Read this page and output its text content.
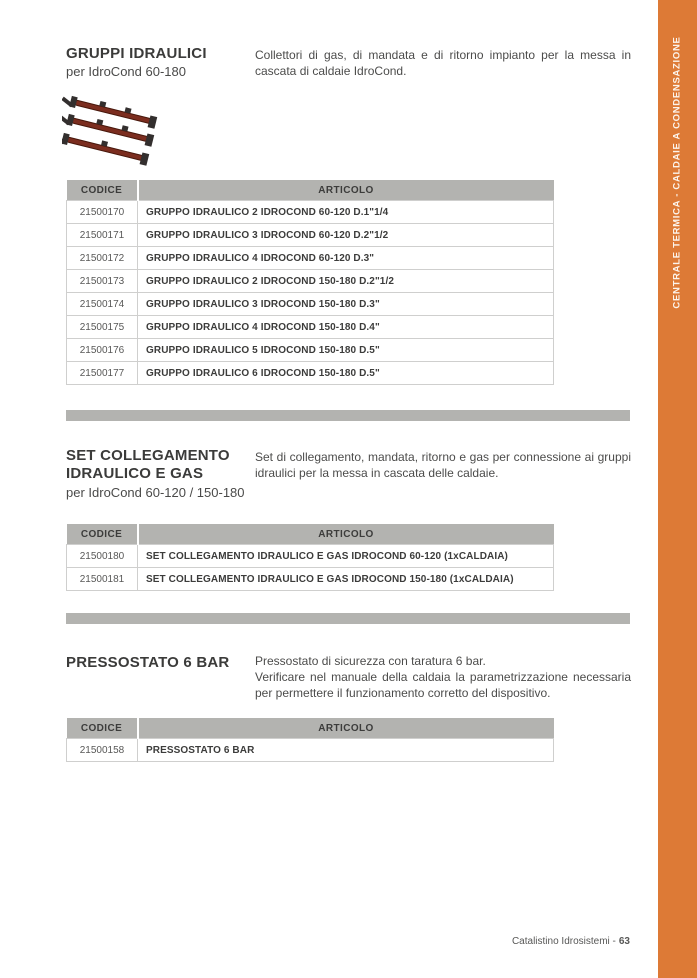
GRUPPI IDRAULICI
per IdroCond 60-180

Collettori di gas, di mandata e di ritorno impianto per la messa in cascata di caldaie IdroCond.

CODICE	ARTICOLO
21500170	GRUPPO IDRAULICO 2 IDROCOND 60-120 D.1"1/4
21500171	GRUPPO IDRAULICO 3 IDROCOND 60-120 D.2"1/2
21500172	GRUPPO IDRAULICO 4 IDROCOND 60-120 D.3"
21500173	GRUPPO IDRAULICO 2 IDROCOND 150-180 D.2"1/2
21500174	GRUPPO IDRAULICO 3 IDROCOND 150-180 D.3"
21500175	GRUPPO IDRAULICO 4 IDROCOND 150-180 D.4"
21500176	GRUPPO IDRAULICO 5 IDROCOND 150-180 D.5"
21500177	GRUPPO IDRAULICO 6 IDROCOND 150-180 D.5"
SET COLLEGAMENTO
IDRAULICO E GAS
per IdroCond 60-120 / 150-180

Set di collegamento, mandata, ritorno e gas per connessione ai gruppi idraulici per la messa in cascata delle caldaie.

CODICE	ARTICOLO
21500180	SET COLLEGAMENTO IDRAULICO E GAS IDROCOND 60-120 (1xCALDAIA)
21500181	SET COLLEGAMENTO IDRAULICO E GAS IDROCOND 150-180 (1xCALDAIA)
PRESSOSTATO 6 BAR Pressostato di sicurezza con taratura 6 bar.

Verificare nel manuale della caldaia la parametrizzazione necessaria per permettere il funzionamento corretto del dispositivo.

CODICE	ARTICOLO
21500158	PRESSOSTATO 6 BAR
Catalistino Idrosistemi - 63
CENTRALE TERMICA - CALDAIE A CONDENSAZIONE
